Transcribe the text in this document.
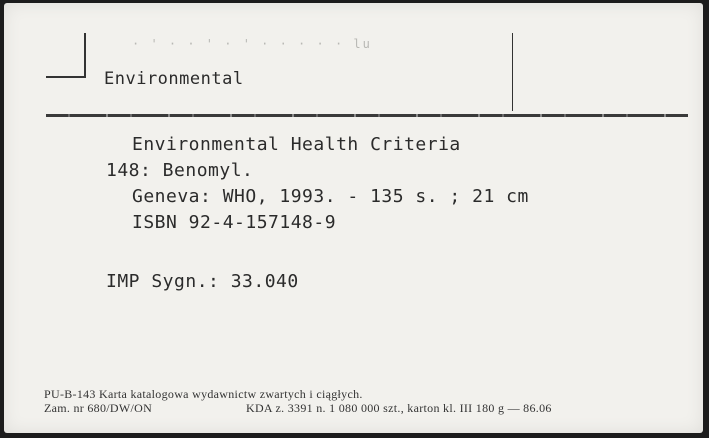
· ' · · ' · ' · · · · · lu
Environmental
Environmental Health Criteria
148: Benomyl.
Geneva: WHO, 1993. - 135 s. ; 21 cm
ISBN 92-4-157148-9
IMP Sygn.: 33.040
PU-B-143 Karta katalogowa wydawnictw zwartych i ciągłych.
Zam. nr 680/DW/ON	KDA z. 3391 n. 1 080 000 szt., karton kl. III 180 g — 86.06
